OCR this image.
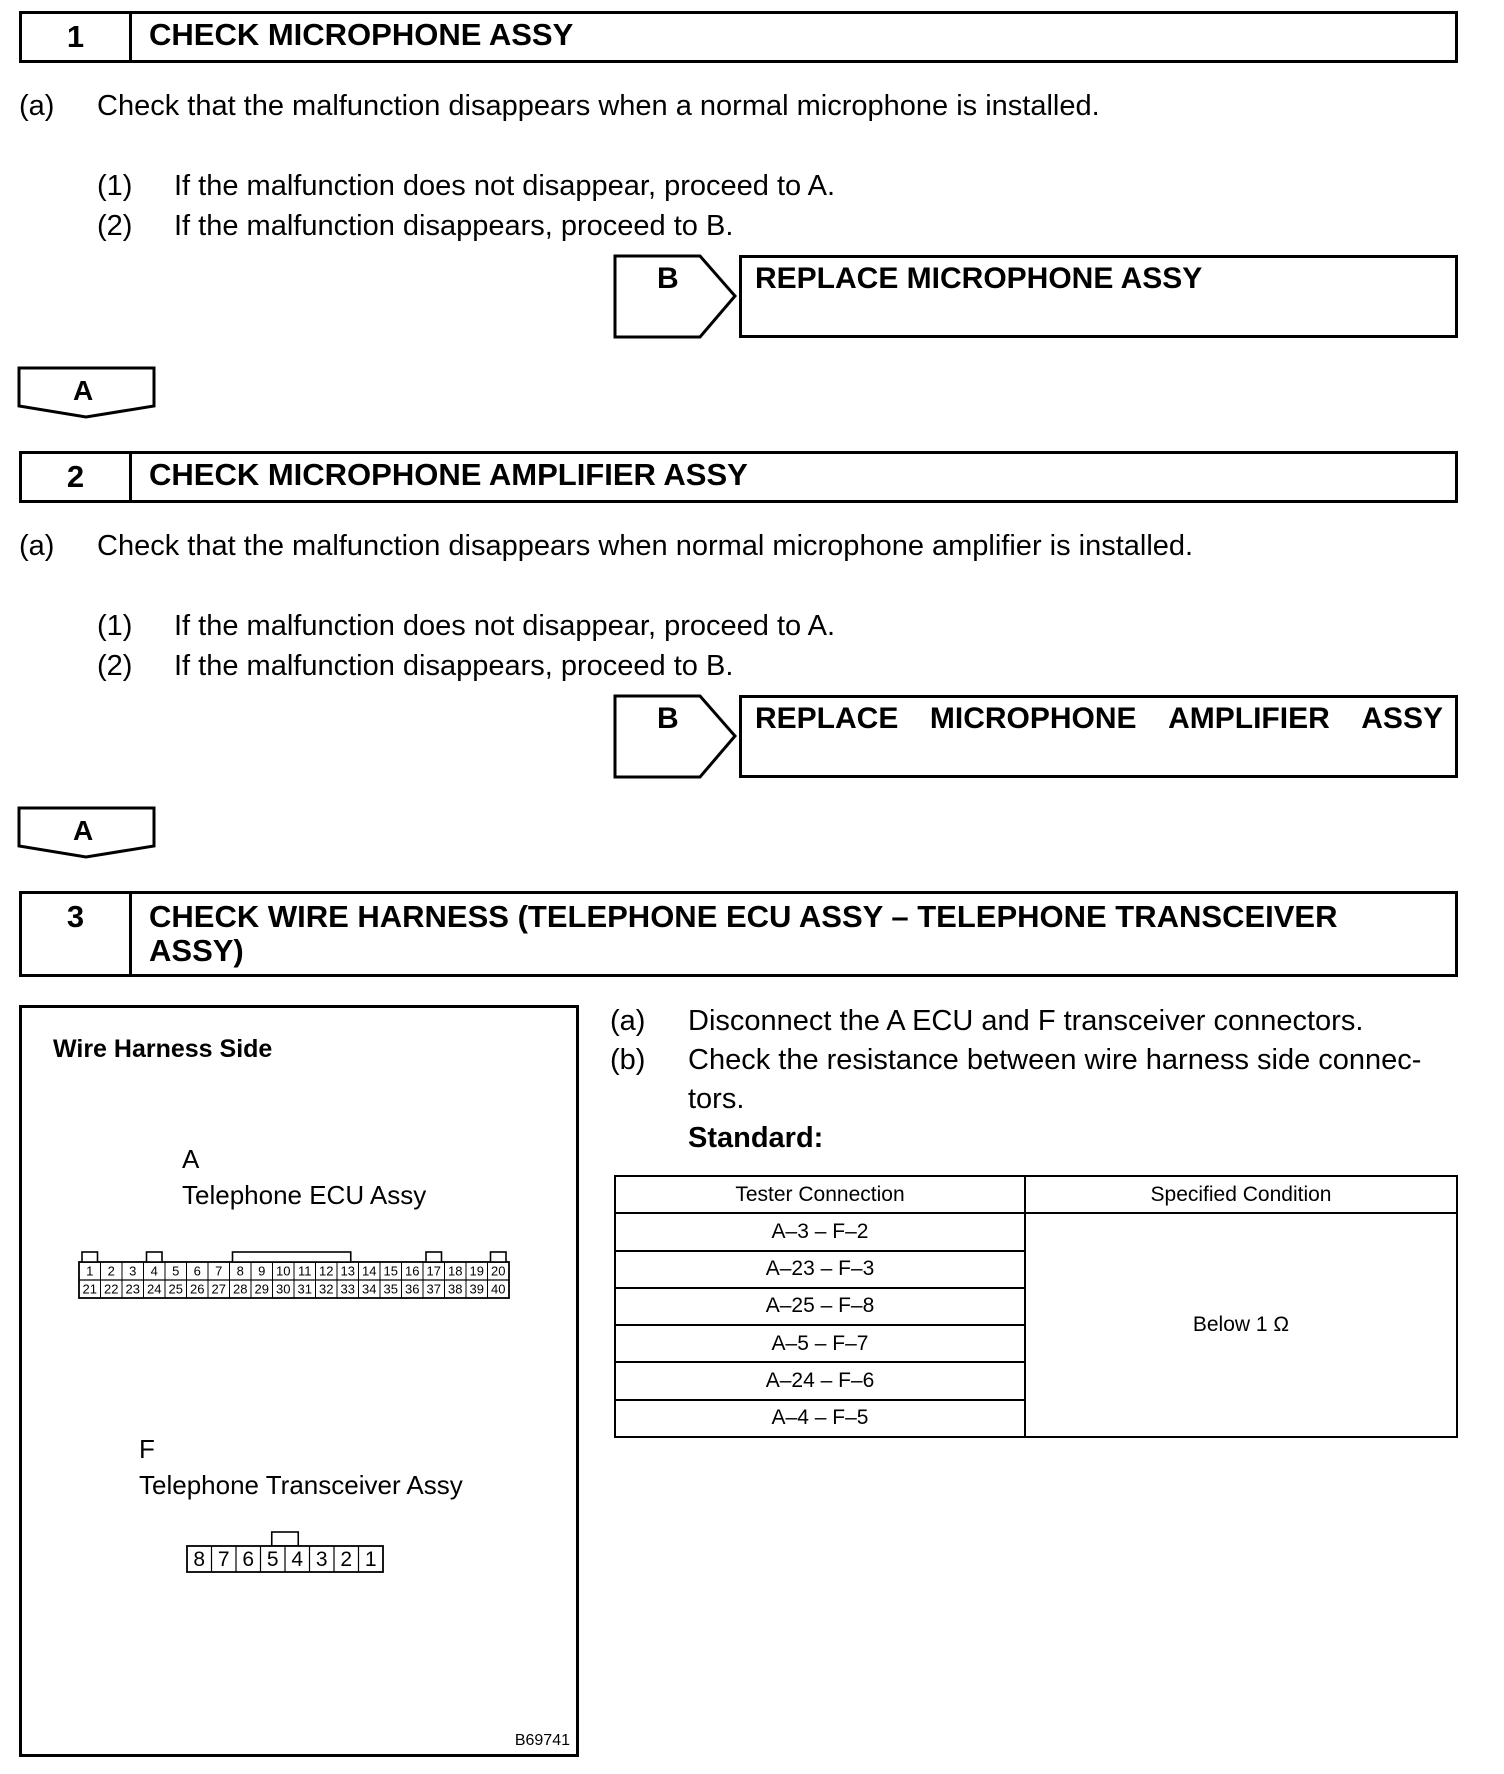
1	CHECK MICROPHONE ASSY
(a) Check that the malfunction disappears when a normal microphone is installed.
(1) If the malfunction does not disappear, proceed to A.
(2) If the malfunction disappears, proceed to B.
B	REPLACE MICROPHONE ASSY
A
2	CHECK MICROPHONE AMPLIFIER ASSY
(a) Check that the malfunction disappears when normal microphone amplifier is installed.
(1) If the malfunction does not disappear, proceed to A.
(2) If the malfunction disappears, proceed to B.
B	REPLACE MICROPHONE AMPLIFIER ASSY
A
3	CHECK WIRE HARNESS (TELEPHONE ECU ASSY – TELEPHONE TRANSCEIVER
ASSY)
Wire Harness Side
A
Telephone ECU Assy
1 2 3 4 5 6 7 8 9 10 11 12 13 14 15 16 17 18 19 20
21 22 23 24 25 26 27 28 29 30 31 32 33 34 35 36 37 38 39 40
F
Telephone Transceiver Assy
8 7 6 5 4 3 2 1
B69741
(a) Disconnect the A ECU and F transceiver connectors.
(b) Check the resistance between wire harness side connec-
tors.
Standard:
Tester Connection	Specified Condition
A–3 – F–2	Below 1 Ω
A–23 – F–3	
A–25 – F–8	
A–5 – F–7	
A–24 – F–6	
A–4 – F–5	
